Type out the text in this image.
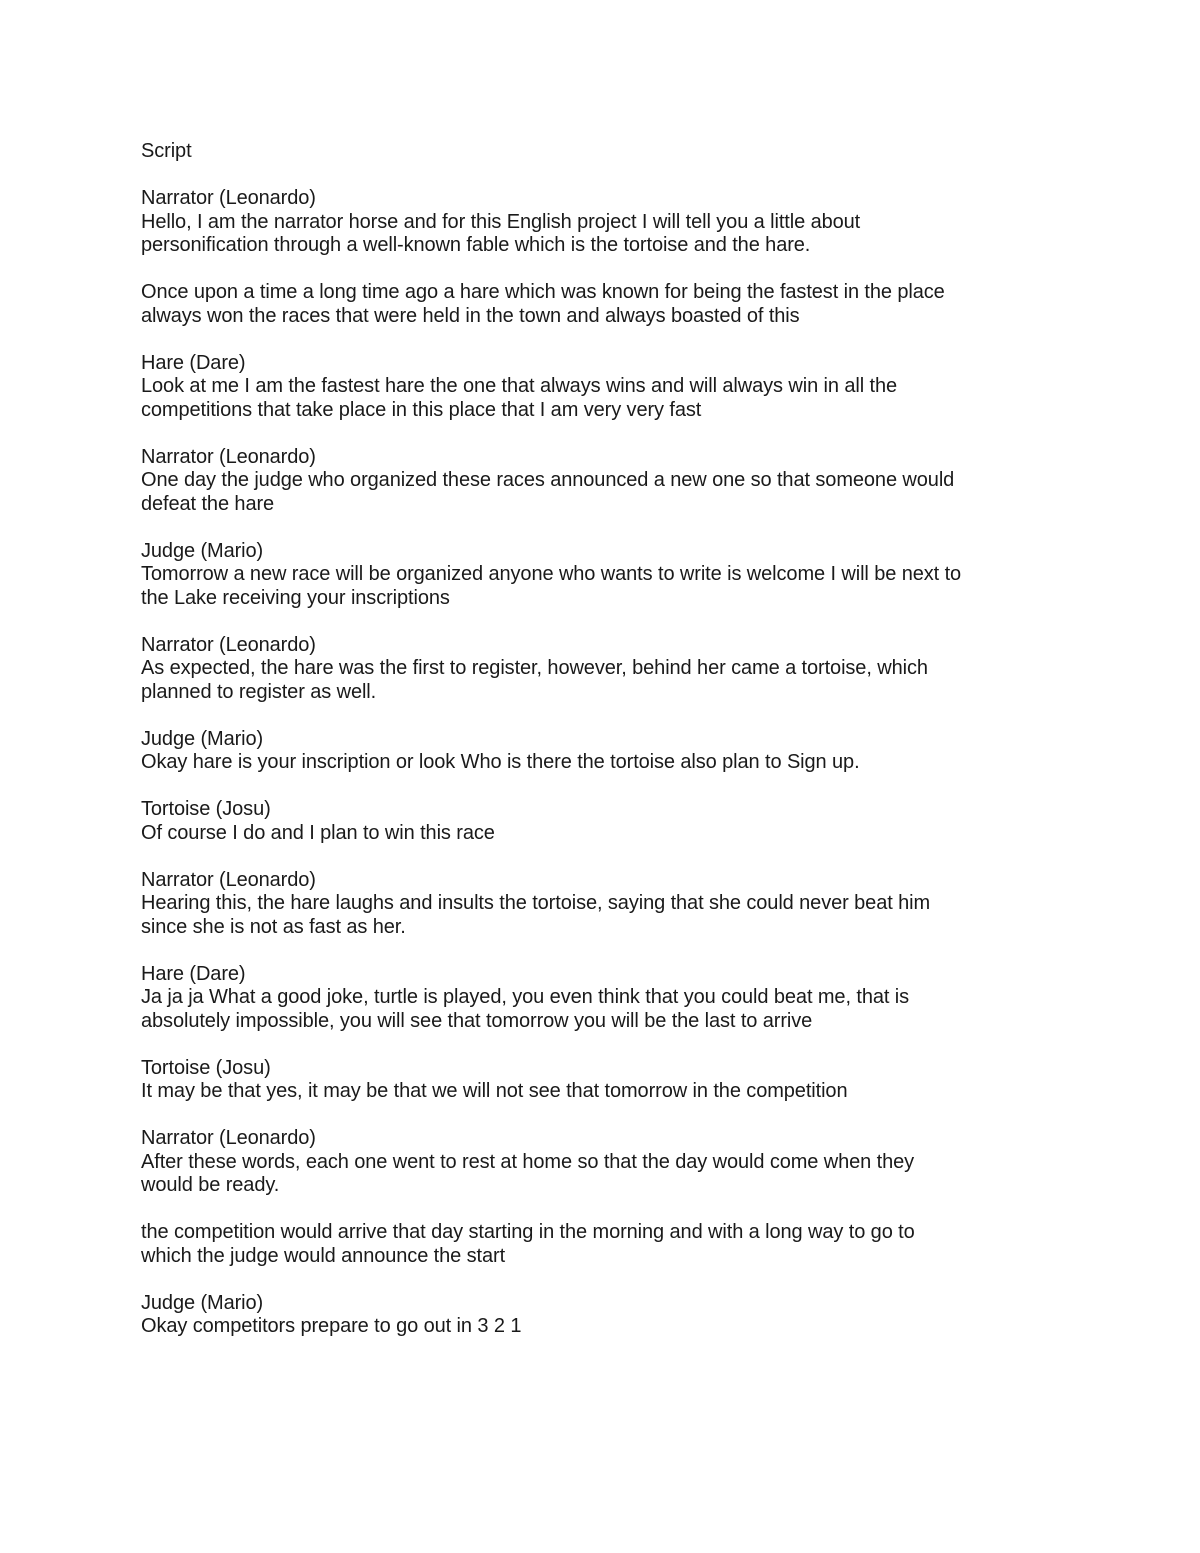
Script
Narrator (Leonardo)
Hello, I am the narrator horse and for this English project I will tell you a little about
personification through a well-known fable which is the tortoise and the hare.
Once upon a time a long time ago a hare which was known for being the fastest in the place
always won the races that were held in the town and always boasted of this
Hare (Dare)
Look at me I am the fastest hare the one that always wins and will always win in all the
competitions that take place in this place that I am very very fast
Narrator (Leonardo)
One day the judge who organized these races announced a new one so that someone would
defeat the hare
Judge (Mario)
Tomorrow a new race will be organized anyone who wants to write is welcome I will be next to
the Lake receiving your inscriptions
Narrator (Leonardo)
As expected, the hare was the first to register, however, behind her came a tortoise, which
planned to register as well.
Judge (Mario)
Okay hare is your inscription or look Who is there the tortoise also plan to Sign up.
Tortoise (Josu)
Of course I do and I plan to win this race
Narrator (Leonardo)
Hearing this, the hare laughs and insults the tortoise, saying that she could never beat him
since she is not as fast as her.
Hare (Dare)
Ja ja ja What a good joke, turtle is played, you even think that you could beat me, that is
absolutely impossible, you will see that tomorrow you will be the last to arrive
Tortoise (Josu)
It may be that yes, it may be that we will not see that tomorrow in the competition
Narrator (Leonardo)
After these words, each one went to rest at home so that the day would come when they
would be ready.
the competition would arrive that day starting in the morning and with a long way to go to
which the judge would announce the start
Judge (Mario)
Okay competitors prepare to go out in 3 2 1
